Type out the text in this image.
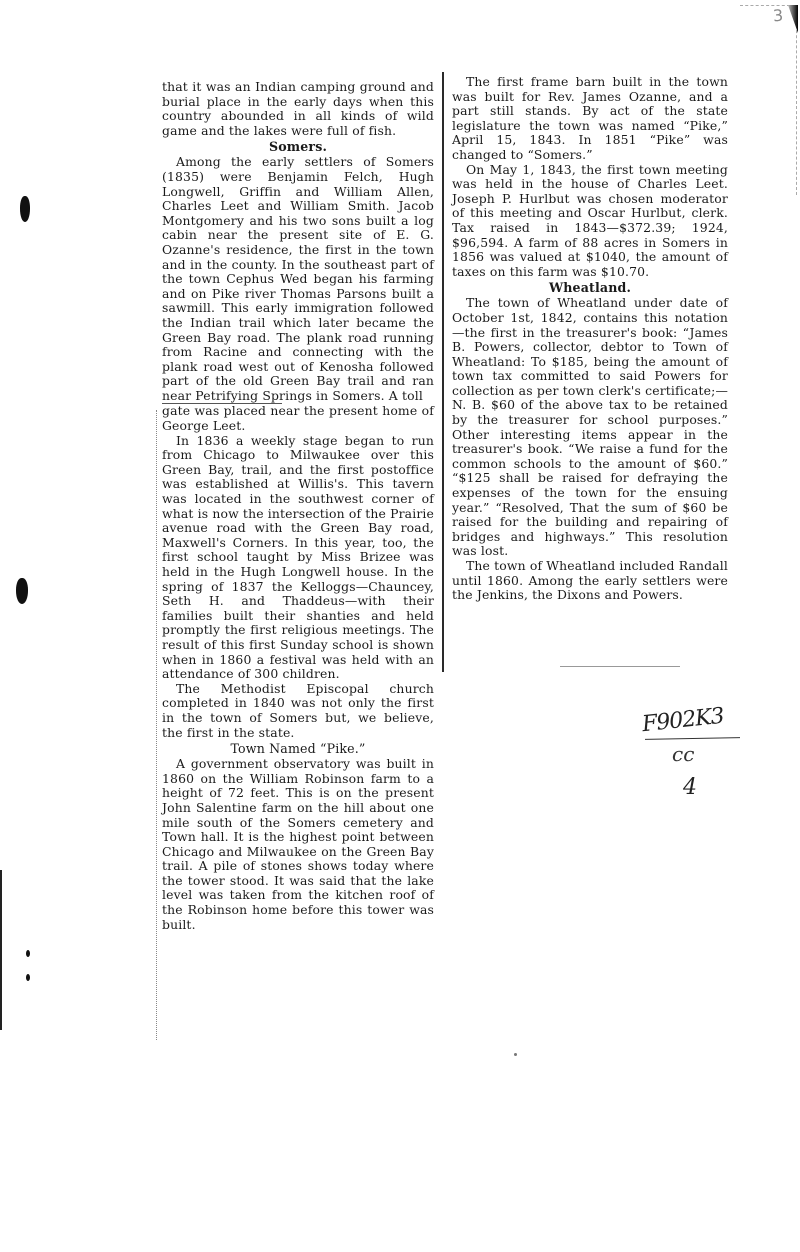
3

that it was an Indian camping ground and burial place in the early days when this country abounded in all kinds of wild game and the lakes were full of fish.

Somers.

Among the early settlers of Somers (1835) were Benjamin Felch, Hugh Longwell, Griffin and William Allen, Charles Leet and William Smith. Jacob Montgomery and his two sons built a log cabin near the present site of E. G. Ozanne's residence, the first in the town and in the county. In the southeast part of the town Cephus Wed began his farming and on Pike river Thomas Parsons built a sawmill. This early immigration followed the Indian trail which later became the Green Bay road. The plank road running from Racine and connecting with the plank road west out of Kenosha followed part of the old Green Bay trail and ran near Petrifying Springs in Somers. A toll

gate was placed near the present home of George Leet.

In 1836 a weekly stage began to run from Chicago to Milwaukee over this Green Bay, trail, and the first postoffice was established at Willis's. This tavern was located in the southwest corner of what is now the intersection of the Prairie avenue road with the Green Bay road, Maxwell's Corners. In this year, too, the first school taught by Miss Brizee was held in the Hugh Longwell house. In the spring of 1837 the Kelloggs—Chauncey, Seth H. and Thaddeus—with their families built their shanties and held promptly the first religious meetings. The result of this first Sunday school is shown when in 1860 a festival was held with an attendance of 300 children.

The Methodist Episcopal church completed in 1840 was not only the first in the town of Somers but, we believe, the first in the state.

Town Named “Pike.”

A government observatory was built in 1860 on the William Robinson farm to a height of 72 feet. This is on the present John Salentine farm on the hill about one mile south of the Somers cemetery and Town hall. It is the highest point between Chicago and Milwaukee on the Green Bay trail. A pile of stones shows today where the tower stood. It was said that the lake level was taken from the kitchen roof of the Robinson home before this tower was built.

The first frame barn built in the town was built for Rev. James Ozanne, and a part still stands. By act of the state legislature the town was named “Pike,” April 15, 1843. In 1851 “Pike” was changed to “Somers.”

On May 1, 1843, the first town meeting was held in the house of Charles Leet. Joseph P. Hurlbut was chosen moderator of this meeting and Oscar Hurlbut, clerk. Tax raised in 1843—$372.39; 1924, $96,594. A farm of 88 acres in Somers in 1856 was valued at $1040, the amount of taxes on this farm was $10.70.

Wheatland.

The town of Wheatland under date of October 1st, 1842, contains this notation—the first in the treasurer's book: “James B. Powers, collector, debtor to Town of Wheatland: To $185, being the amount of town tax committed to said Powers for collection as per town clerk's certificate;—N. B. $60 of the above tax to be retained by the treasurer for school purposes.” Other interesting items appear in the treasurer's book. “We raise a fund for the common schools to the amount of $60.” “$125 shall be raised for defraying the expenses of the town for the ensuing year.” “Resolved, That the sum of $60 be raised for the building and repairing of bridges and highways.” This resolution was lost.

The town of Wheatland included Randall until 1860. Among the early settlers were the Jenkins, the Dixons and Powers.

F902K3
cc
4
